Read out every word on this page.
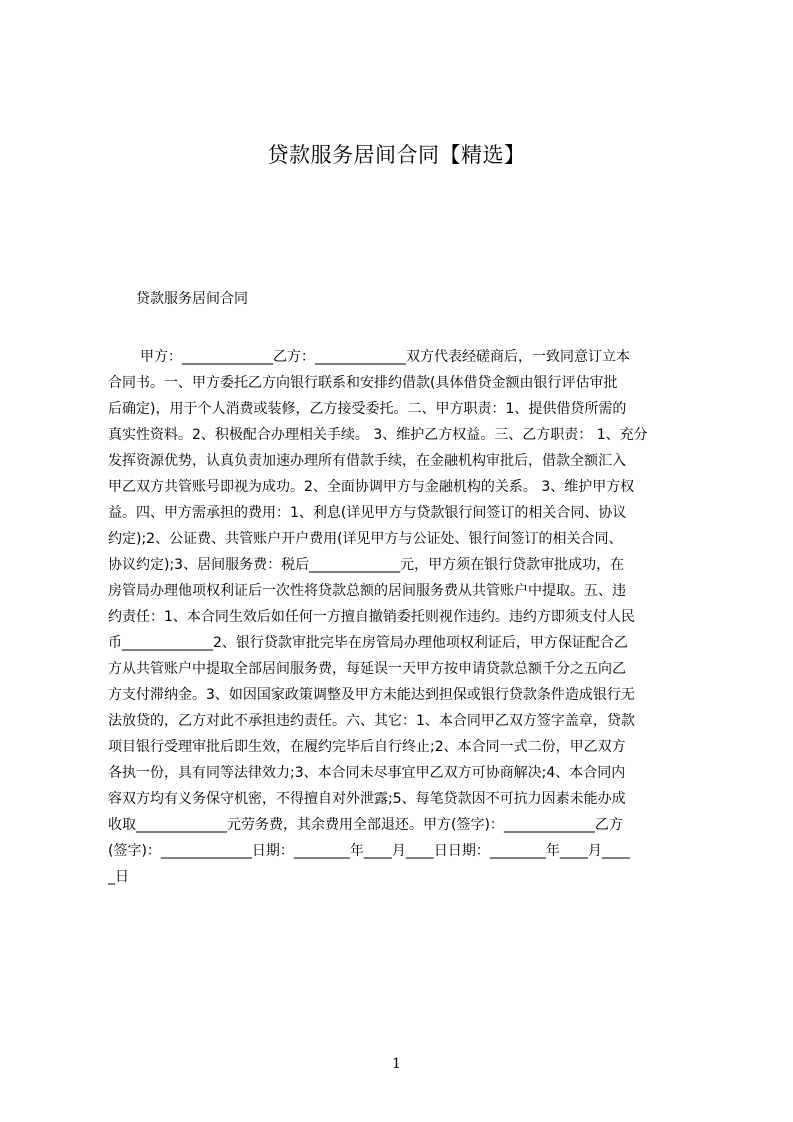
贷款服务居间合同【精选】
贷款服务居间合同
甲方：_____________乙方：_____________双方代表经磋商后，一致同意订立本
合同书。一、甲方委托乙方向银行联系和安排约借款(具体借贷金额由银行评估审批
后确定)，用于个人消费或装修，乙方接受委托。二、甲方职责：1、提供借贷所需的
真实性资料。2、积极配合办理相关手续。 3、维护乙方权益。三、乙方职责： 1、充分
发挥资源优势，认真负责加速办理所有借款手续，在金融机构审批后，借款全额汇入
甲乙双方共管账号即视为成功。2、全面协调甲方与金融机构的关系。 3、维护甲方权
益。四、甲方需承担的费用：1、利息(详见甲方与贷款银行间签订的相关合同、协议
约定);2、公证费、共管账户开户费用(详见甲方与公证处、银行间签订的相关合同、
协议约定);3、居间服务费：税后_____________元，甲方须在银行贷款审批成功，在
房管局办理他项权利证后一次性将贷款总额的居间服务费从共管账户中提取。五、违
约责任：1、本合同生效后如任何一方擅自撤销委托则视作违约。违约方即须支付人民
币_____________2、银行贷款审批完毕在房管局办理他项权利证后，甲方保证配合乙
方从共管账户中提取全部居间服务费，每延误一天甲方按申请贷款总额千分之五向乙
方支付滞纳金。3、如因国家政策调整及甲方未能达到担保或银行贷款条件造成银行无
法放贷的，乙方对此不承担违约责任。六、其它：1、本合同甲乙双方签字盖章，贷款
项目银行受理审批后即生效，在履约完毕后自行终止;2、本合同一式二份，甲乙双方
各执一份，具有同等法律效力;3、本合同未尽事宜甲乙双方可协商解决;4、本合同内
容双方均有义务保守机密，不得擅自对外泄露;5、每笔贷款因不可抗力因素未能办成
收取_____________元劳务费，其余费用全部退还。甲方(签字)：_____________乙方
(签字)：_____________日期：________年____月____日日期：________年____月____
_日
1
